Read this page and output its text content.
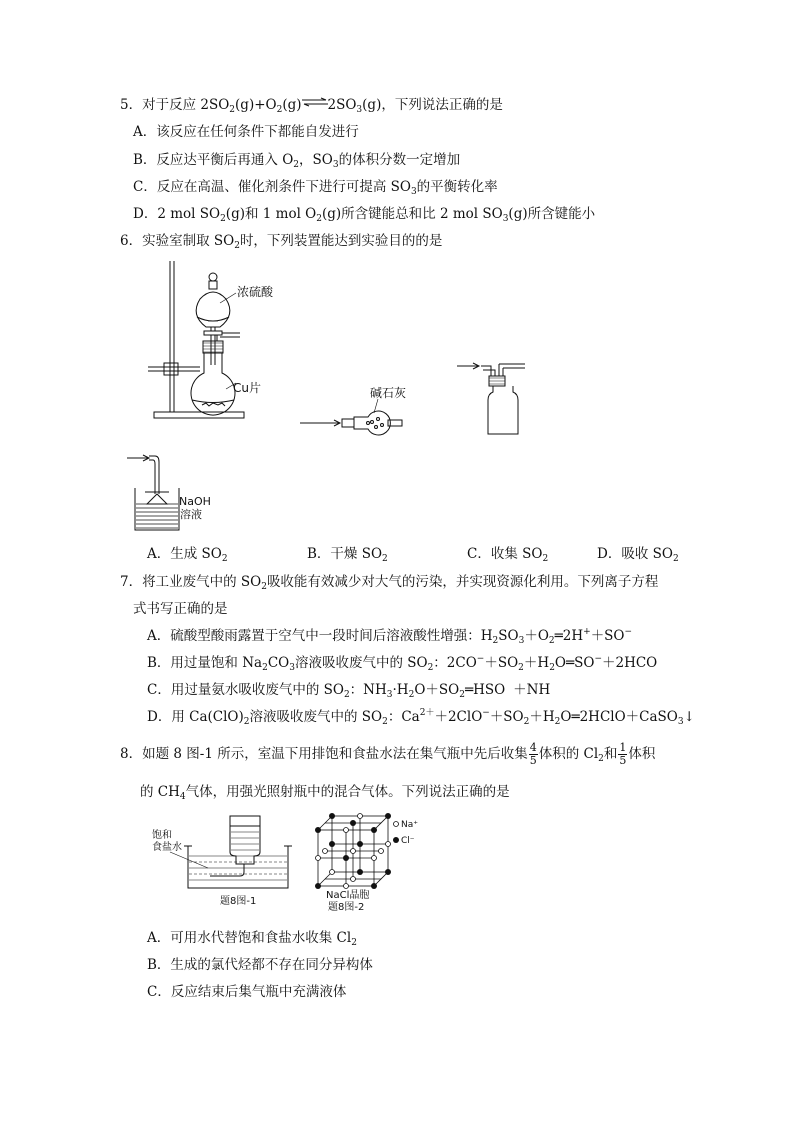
5．对于反应 $2SO_2(g)+O_2(g)\rightleftharpoons 2SO_3(g)$，下列说法正确的是
A．该反应在任何条件下都能自发进行
B．反应达平衡后再通入 $O_2$，$SO_3$的体积分数一定增加
C．反应在高温、催化剂条件下进行可提高 $SO_3$的平衡转化率
D．2 mol $SO_2(g)$和 1 mol $O_2(g)$所含键能总和比 2 mol $SO_3(g)$所含键能小
6．实验室制取 $SO_2$时，下列装置能达到实验目的的是
浓硫酸
Cu片	碱石灰
NaOH
溶液
A．生成 $SO_2$	B．干燥 $SO_2$	C．收集 $SO_2$	D．吸收 $SO_2$
7．将工业废气中的 $SO_2$吸收能有效减少对大气的污染，并实现资源化利用。下列离子方程
式书写正确的是
A．硫酸型酸雨露置于空气中一段时间后溶液酸性增强：$H_2SO_3+O_2═2H^++SO^-$
B．用过量饱和 $Na_2CO_3$溶液吸收废气中的 $SO_2$：$2CO^-+SO_2+H_2O═SO^-+2HCO$
C．用过量氨水吸收废气中的 $SO_2$：$NH_3\cdot H_2O+SO_2═HSO +NH$
D．用 $Ca(ClO)_2$溶液吸收废气中的 $SO_2$：$Ca^{2+}+2ClO^-+SO_2+H_2O═2HClO+CaSO_3↓$
8．如题 8 图-1 所示，室温下用排饱和食盐水法在集气瓶中先后收集 $\frac{4}{5}$ 体积的 $Cl_2$和 $\frac{1}{5}$ 体积
的 $CH_4$气体，用强光照射瓶中的混合气体。下列说法正确的是
饱和
食盐水
题8图-1
Na⁺
Cl⁻
NaCl晶胞
题8图-2
A．可用水代替饱和食盐水收集 $Cl_2$
B．生成的氯代烃都不存在同分异构体
C．反应结束后集气瓶中充满液体
